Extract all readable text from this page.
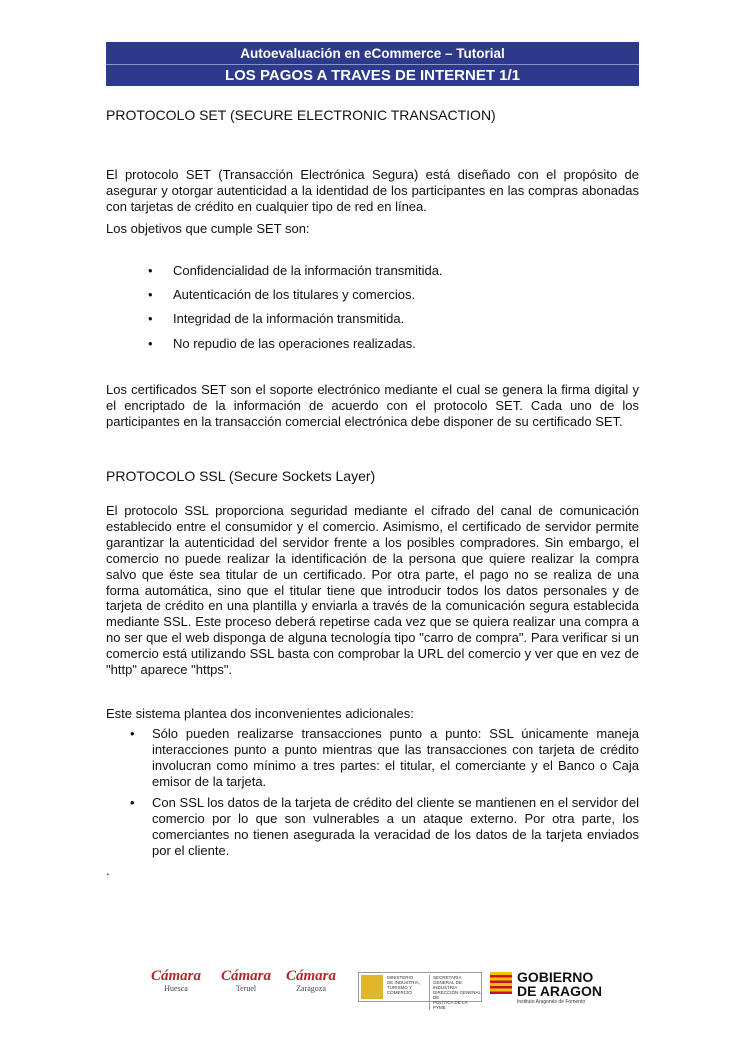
Autoevaluación en eCommerce – Tutorial
LOS PAGOS A TRAVES DE INTERNET 1/1
PROTOCOLO SET (SECURE ELECTRONIC TRANSACTION)

El protocolo SET (Transacción Electrónica Segura) está diseñado con el propósito de asegurar y otorgar autenticidad a la identidad de los participantes en las compras abonadas con tarjetas de crédito en cualquier tipo de red en línea.

Los objetivos que cumple SET son:

• Confidencialidad de la información transmitida.
• Autenticación de los titulares y comercios.
• Integridad de la información transmitida.
• No repudio de las operaciones realizadas.

Los certificados SET son el soporte electrónico mediante el cual se genera la firma digital y el encriptado de la información de acuerdo con el protocolo SET. Cada uno de los participantes en la transacción comercial electrónica debe disponer de su certificado SET.

PROTOCOLO SSL (Secure Sockets Layer)

El protocolo SSL proporciona seguridad mediante el cifrado del canal de comunicación establecido entre el consumidor y el comercio. Asimismo, el certificado de servidor permite garantizar la autenticidad del servidor frente a los posibles compradores. Sin embargo, el comercio no puede realizar la identificación de la persona que quiere realizar la compra salvo que éste sea titular de un certificado. Por otra parte, el pago no se realiza de una forma automática, sino que el titular tiene que introducir todos los datos personales y de tarjeta de crédito en una plantilla y enviarla a través de la comunicación segura establecida mediante SSL. Este proceso deberá repetirse cada vez que se quiera realizar una compra a no ser que el web disponga de alguna tecnología tipo "carro de compra". Para verificar si un comercio está utilizando SSL basta con comprobar la URL del comercio y ver que en vez de "http" aparece "https".

Este sistema plantea dos inconvenientes adicionales:

• Sólo pueden realizarse transacciones punto a punto: SSL únicamente maneja interacciones punto a punto mientras que las transacciones con tarjeta de crédito involucran como mínimo a tres partes: el titular, el comerciante y el Banco o Caja emisor de la tarjeta.
• Con SSL los datos de la tarjeta de crédito del cliente se mantienen en el servidor del comercio por lo que son vulnerables a un ataque externo. Por otra parte, los comerciantes no tienen asegurada la veracidad de los datos de la tarjeta enviados por el cliente.

.

Cámara
Huesca
Cámara
Teruel
Cámara
Zaragoza
MINISTERIO
DE INDUSTRIA,
TURISMO Y
COMERCIO
SECRETARÍA GENERAL DE
INDUSTRIA
DIRECCIÓN GENERAL DE
POLÍTICA DE LA PYME
GOBIERNO
DE ARAGON
Instituto Aragonés de Fomento
